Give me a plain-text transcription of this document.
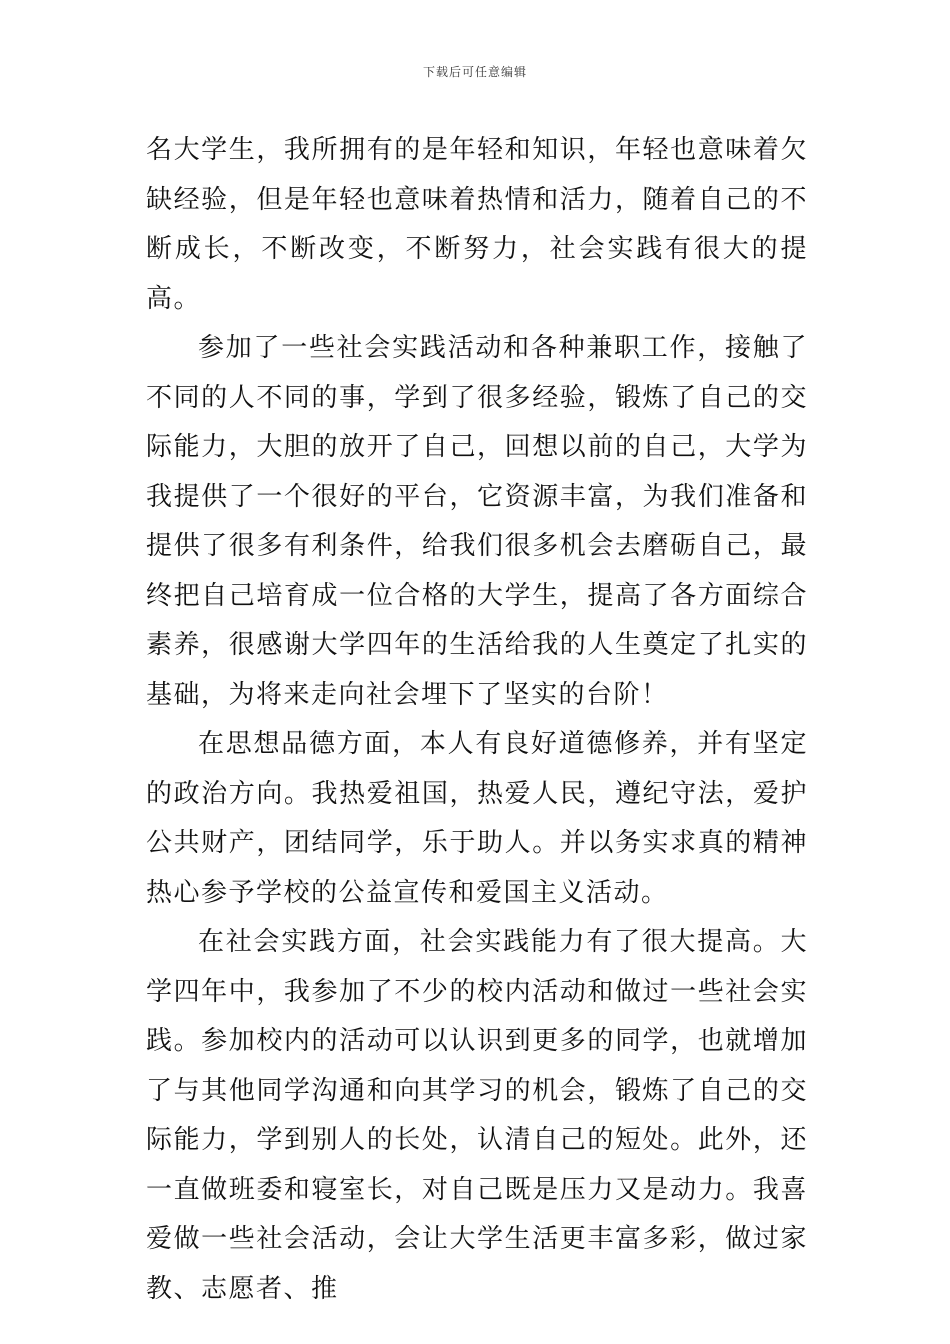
下载后可任意编辑

名大学生，我所拥有的是年轻和知识，年轻也意味着欠缺经验，但是年轻也意味着热情和活力，随着自己的不断成长，不断改变，不断努力，社会实践有很大的提高。

参加了一些社会实践活动和各种兼职工作，接触了不同的人不同的事，学到了很多经验，锻炼了自己的交际能力，大胆的放开了自己，回想以前的自己，大学为我提供了一个很好的平台，它资源丰富，为我们准备和提供了很多有利条件，给我们很多机会去磨砺自己，最终把自己培育成一位合格的大学生，提高了各方面综合素养，很感谢大学四年的生活给我的人生奠定了扎实的基础，为将来走向社会埋下了坚实的台阶！

在思想品德方面，本人有良好道德修养，并有坚定的政治方向。我热爱祖国，热爱人民，遵纪守法，爱护公共财产，团结同学，乐于助人。并以务实求真的精神热心参予学校的公益宣传和爱国主义活动。

在社会实践方面，社会实践能力有了很大提高。大学四年中，我参加了不少的校内活动和做过一些社会实践。参加校内的活动可以认识到更多的同学，也就增加了与其他同学沟通和向其学习的机会，锻炼了自己的交际能力，学到别人的长处，认清自己的短处。此外，还一直做班委和寝室长，对自己既是压力又是动力。我喜爱做一些社会活动，会让大学生活更丰富多彩，做过家教、志愿者、推
